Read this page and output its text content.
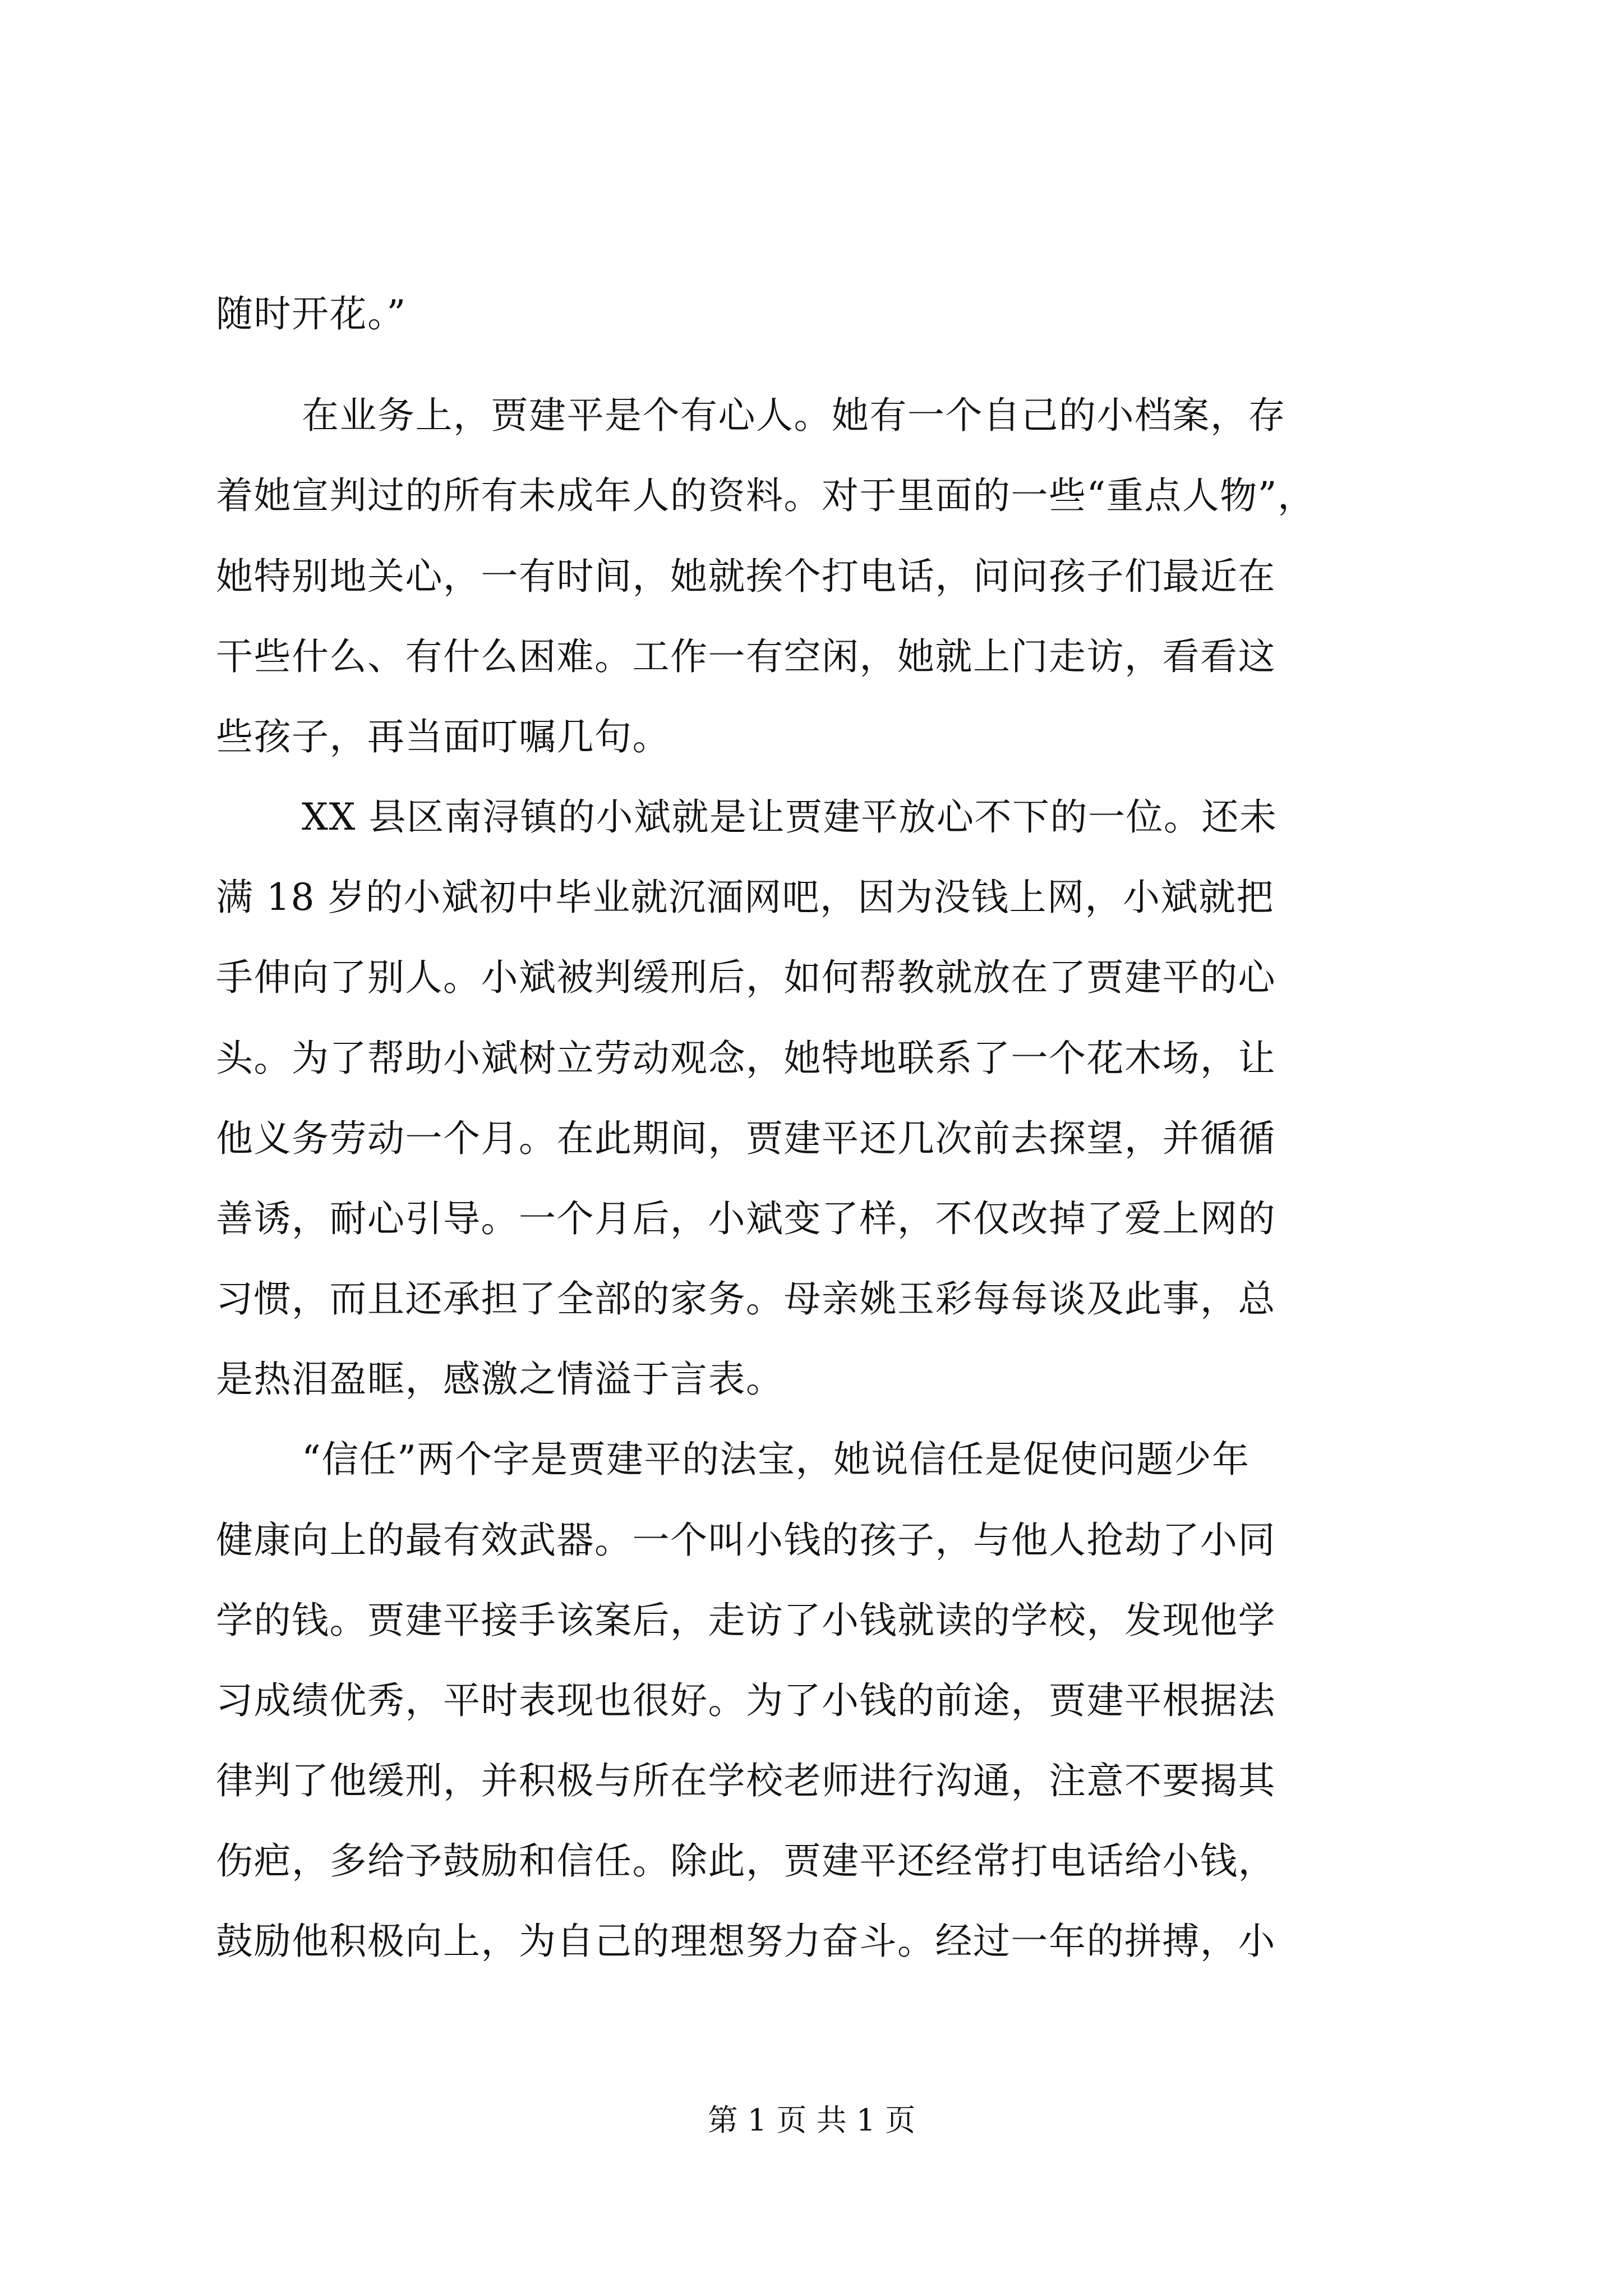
随时开花。”
在业务上，贾建平是个有心人。她有一个自己的小档案，存
着她宣判过的所有未成年人的资料。对于里面的一些“重点人物”，
她特别地关心，一有时间，她就挨个打电话，问问孩子们最近在
干些什么、有什么困难。工作一有空闲，她就上门走访，看看这
些孩子，再当面叮嘱几句。
XX 县区南浔镇的小斌就是让贾建平放心不下的一位。还未
满 18 岁的小斌初中毕业就沉湎网吧，因为没钱上网，小斌就把
手伸向了别人。小斌被判缓刑后，如何帮教就放在了贾建平的心
头。为了帮助小斌树立劳动观念，她特地联系了一个花木场，让
他义务劳动一个月。在此期间，贾建平还几次前去探望，并循循
善诱，耐心引导。一个月后，小斌变了样，不仅改掉了爱上网的
习惯，而且还承担了全部的家务。母亲姚玉彩每每谈及此事，总
是热泪盈眶，感激之情溢于言表。
“信任”两个字是贾建平的法宝，她说信任是促使问题少年
健康向上的最有效武器。一个叫小钱的孩子，与他人抢劫了小同
学的钱。贾建平接手该案后，走访了小钱就读的学校，发现他学
习成绩优秀，平时表现也很好。为了小钱的前途，贾建平根据法
律判了他缓刑，并积极与所在学校老师进行沟通，注意不要揭其
伤疤，多给予鼓励和信任。除此，贾建平还经常打电话给小钱，
鼓励他积极向上，为自己的理想努力奋斗。经过一年的拼搏，小
第 1 页 共 1 页
